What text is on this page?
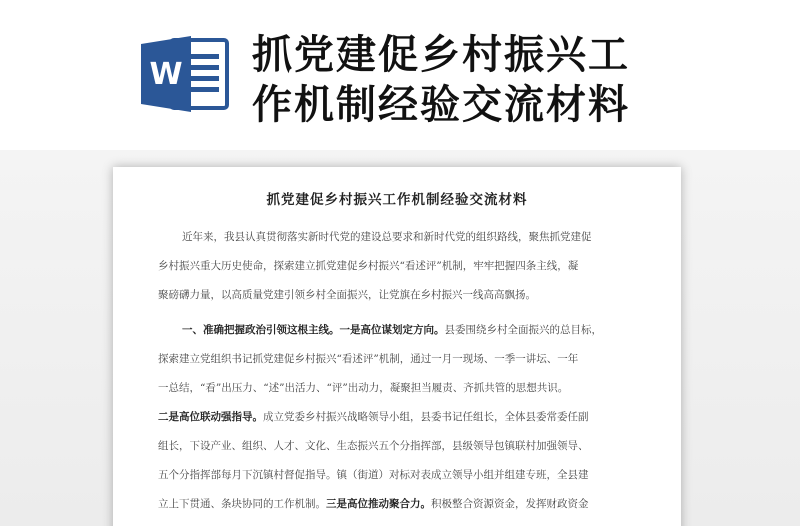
W 抓党建促乡村振兴工
作机制经验交流材料
抓党建促乡村振兴工作机制经验交流材料
近年来，我县认真贯彻落实新时代党的建设总要求和新时代党的组织路线，聚焦抓党建促
乡村振兴重大历史使命，探索建立抓党建促乡村振兴“看述评”机制，牢牢把握四条主线，凝
聚磅礴力量，以高质量党建引领乡村全面振兴，让党旗在乡村振兴一线高高飘扬。
一、准确把握政治引领这根主线。一是高位谋划定方向。县委围绕乡村全面振兴的总目标，
探索建立党组织书记抓党建促乡村振兴“看述评”机制，通过一月一现场、一季一讲坛、一年
一总结，“看”出压力、“述”出活力、“评”出动力，凝聚担当履责、齐抓共管的思想共识。
二是高位联动强指导。成立党委乡村振兴战略领导小组，县委书记任组长，全体县委常委任副
组长，下设产业、组织、人才、文化、生态振兴五个分指挥部，县级领导包镇联村加强领导、
五个分指挥部每月下沉镇村督促指导。镇（街道）对标对表成立领导小组并组建专班，全县建
立上下贯通、条块协同的工作机制。三是高位推动聚合力。积极整合资源资金，发挥财政资金
